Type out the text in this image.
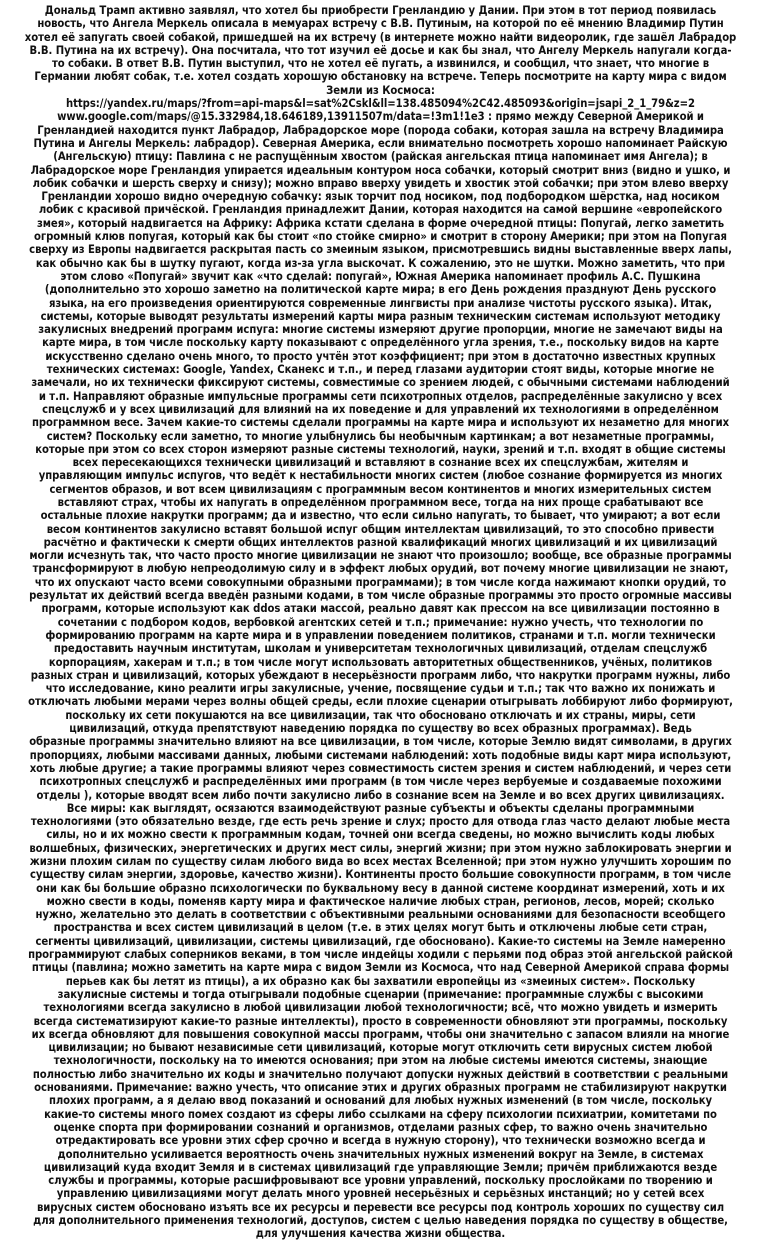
Дональд Трамп активно заявлял, что хотел бы приобрести Гренландию у Дании. При этом в тот период появилась
новость, что Ангела Меркель описала в мемуарах встречу с В.В. Путиным, на которой по её мнению Владимир Путин
хотел её запугать своей собакой, пришедшей на их встречу (в интернете можно найти видеоролик, где зашёл Лабрадор
В.В. Путина на их встречу). Она посчитала, что тот изучил её досье и как бы знал, что Ангелу Меркель напугали когда-
то собаки. В ответ В.В. Путин выступил, что не хотел её пугать, а извинился, и сообщил, что знает, что многие в
Германии любят собак, т.е. хотел создать хорошую обстановку на встрече. Теперь посмотрите на карту мира с видом
Земли из Космоса:
https://yandex.ru/maps/?from=api-maps&l=sat%2Cskl&ll=138.485094%2C42.485093&origin=jsapi_2_1_79&z=2
www.google.com/maps/@15.332984,18.646189,13911507m/data=!3m1!1e3 : прямо между Северной Америкой и
Гренландией находится пункт Лабрадор, Лабрадорское море (порода собаки, которая зашла на встречу Владимира
Путина и Ангелы Меркель: лабрадор). Северная Америка, если внимательно посмотреть хорошо напоминает Райскую
(Ангельскую) птицу: Павлина с не распущённым хвостом (райская ангельская птица напоминает имя Ангела); в
Лабрадорское море Гренландия упирается идеальным контуром носа собачки, который смотрит вниз (видно и ушко, и
лобик собачки и шерсть сверху и снизу); можно вправо вверху увидеть и хвостик этой собачки; при этом влево вверху
Гренландии хорошо видно очередную собачку: язык торчит под носиком, под подбородком шёрстка, над носиком
лобик с красивой причёской. Гренландия принадлежит Дании, которая находится на самой вершине «европейского
змея», который надвигается на Африку: Африка кстати сделана в форме очередной птицы: Попугай, легко заметить
огромный клюв попугая, который как бы стоит «по стойке смирно» и смотрит в сторону Америки; при этом на Попугая
сверху из Европы надвигается раскрытая пасть со змеиным языком, присмотревшись видны выставленные вверх лапы,
как обычно как бы в шутку пугают, когда из-за угла выскочат. К сожалению, это не шутки. Можно заметить, что при
этом слово «Попугай» звучит как «что сделай: попугай», Южная Америка напоминает профиль А.С. Пушкина
(дополнительно это хорошо заметно на политической карте мира; в его День рождения празднуют День русского
языка, на его произведения ориентируются современные лингвисты при анализе чистоты русского языка). Итак,
системы, которые выводят результаты измерений карты мира разным техническим системам используют методику
закулисных внедрений программ испуга: многие системы измеряют другие пропорции, многие не замечают виды на
карте мира, в том числе поскольку карту показывают с определённого угла зрения, т.е., поскольку видов на карте
искусственно сделано очень много, то просто учтён этот коэффициент; при этом в достаточно известных крупных
технических системах: Google, Yandex, Сканекс и т.п., и перед глазами аудитории стоят виды, которые многие не
замечали, но их технически фиксируют системы, совместимые со зрением людей, с обычными системами наблюдений
и т.п. Направляют образные импульсные программы сети психотропных отделов, распределённые закулисно у всех
спецслужб и у всех цивилизаций для влияний на их поведение и для управлений их технологиями в определённом
программном весе. Зачем какие-то системы сделали программы на карте мира и используют их незаметно для многих
систем? Поскольку если заметно, то многие улыбнулись бы необычным картинкам; а вот незаметные программы,
которые при этом со всех сторон измеряют разные системы технологий, науки, зрений и т.п. входят в общие системы
всех пересекающихся технически цивилизаций и вставляют в сознание всех их спецслужбам, жителям и
управляющим импульс испугов, что ведёт к нестабильности многих систем (любое сознание формируется из многих
сегментов образов, и вот всем цивилизациям с программным весом континентов и многих измерительных систем
вставляют страх, чтобы их напугать в определённом программном весе, тогда на них проще срабатывают все
остальные плохие накрутки программ; да и известно, что если сильно напугать, то бывает, что умирают; а вот если
весом континентов закулисно вставят большой испуг общим интеллектам цивилизаций, то это способно привести
расчётно и фактически к смерти общих интеллектов разной квалификаций многих цивилизаций и их цивилизаций
могли исчезнуть так, что часто просто многие цивилизации не знают что произошло; вообще, все образные программы
трансформируют в любую непреодолимую силу и в эффект любых орудий, вот почему многие цивилизации не знают,
что их опускают часто всеми совокупными образными программами); в том числе когда нажимают кнопки орудий, то
результат их действий всегда введён разными кодами, в том числе образные программы это просто огромные массивы
программ, которые используют как ddos атаки массой, реально давят как прессом на все цивилизации постоянно в
сочетании с подбором кодов, вербовкой агентских сетей и т.п.; примечание: нужно учесть, что технологии по
формированию программ на карте мира и в управлении поведением политиков, странами и т.п. могли технически
предоставить научным институтам, школам и университетам технологичных цивилизаций, отделам спецслужб
корпорациям, хакерам и т.п.; в том числе могут использовать авторитетных общественников, учёных, политиков
разных стран и цивилизаций, которых убеждают в несерьёзности программ либо, что накрутки программ нужны, либо
что исследование, кино реалити игры закулисные, учение, посвящение судьи и т.п.; так что важно их понижать и
отключать любыми мерами через волны общей среды, если плохие сценарии отыгрывать лоббируют либо формируют,
поскольку их сети покушаются на все цивилизации, так что обосновано отключать и их страны, миры, сети
цивилизаций, откуда препятствуют наведению порядка по существу во всех образных программах). Ведь
образные программы значительно влияют на все цивилизации, в том числе, которые Землю видят символами, в других
пропорциях, любыми массивами данных, любыми системами наблюдений: хоть подобные виды карт мира используют,
хоть любые другие; а такие программы влияют через совместимость систем зрения и систем наблюдений, и через сети
психотропных спецслужб и распределённых ими программ (в том числе через вербуемые и создаваемые похожими
отделы ), которые вводят всем либо почти закулисно либо в сознание всем на Земле и во всех других цивилизациях.
Все миры: как выглядят, осязаются взаимодействуют разные субъекты и объекты сделаны программными
технологиями (это обязательно везде, где есть речь зрение и слух; просто для отвода глаз часто делают любые места
силы, но и их можно свести к программным кодам, точней они всегда сведены, но можно вычислить коды любых
волшебных, физических, энергетических и других мест силы, энергий жизни; при этом нужно заблокировать энергии и
жизни плохим силам по существу силам любого вида во всех местах Вселенной; при этом нужно улучшить хорошим по
существу силам энергии, здоровье, качество жизни). Континенты просто большие совокупности программ, в том числе
они как бы большие образно психологически по буквальному весу в данной системе координат измерений, хоть и их
можно свести в коды, поменяв карту мира и фактическое наличие любых стран, регионов, лесов, морей; сколько
нужно, желательно это делать в соответствии с объективными реальными основаниями для безопасности всеобщего
пространства и всех систем цивилизаций в целом (т.е. в этих целях могут быть и отключены любые сети стран,
сегменты цивилизаций, цивилизации, системы цивилизаций, где обосновано). Какие-то системы на Земле намеренно
программируют слабых соперников веками, в том числе индейцы ходили с перьями под образ этой ангельской райской
птицы (павлина; можно заметить на карте мира с видом Земли из Космоса, что над Северной Америкой справа формы
перьев как бы летят из птицы), а их образно как бы захватили европейцы из «змеиных систем». Поскольку
закулисные системы и тогда отыгрывали подобные сценарии (примечание: программные службы с высокими
технологиями всегда закулисно в любой цивилизации любой технологичности; всё, что можно увидеть и измерить
всегда систематизируют какие-то разные интеллекты), просто в современности обновляют эти программы, поскольку
их всегда обновляют для повышения совокупной массы программ, чтобы они значительно с запасом влияли на многие
цивилизации; но бывают независимые сети цивилизаций, которые могут отключить сети вирусных систем любой
технологичности, поскольку на то имеются основания; при этом на любые системы имеются системы, знающие
полностью либо значительно их коды и значительно получают допуски нужных действий в соответствии с реальными
основаниями. Примечание: важно учесть, что описание этих и других образных программ не стабилизируют накрутки
плохих программ, а я делаю ввод показаний и оснований для любых нужных изменений (в том числе, поскольку
какие-то системы много помех создают из сферы либо ссылками на сферу психологии психиатрии, комитетами по
оценке спорта при формировании сознаний и организмов, отделами разных сфер, то важно очень значительно
отредактировать все уровни этих сфер срочно и всегда в нужную сторону), что технически возможно всегда и
дополнительно усиливается вероятность очень значительных нужных изменений вокруг на Земле, в системах
цивилизаций куда входит Земля и в системах цивилизаций где управляющие Земли; причём приближаются везде
службы и программы, которые расшифровывают все уровни управлений, поскольку прослойками по творению и
управлению цивилизациями могут делать много уровней несерьёзных и серьёзных инстанций; но у сетей всех
вирусных систем обосновано изъять все их ресурсы и перевести все ресурсы под контроль хороших по существу сил
для дополнительного применения технологий, доступов, систем с целью наведения порядка по существу в обществе,
для улучшения качества жизни общества.
